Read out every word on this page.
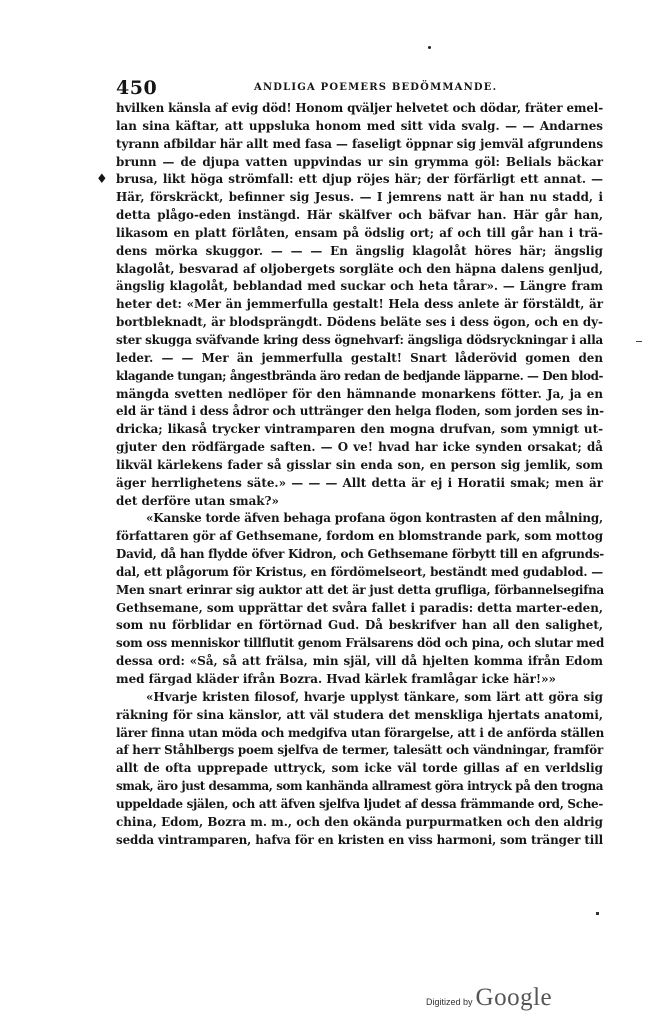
450	ANDLIGA POEMERS BEDÖMMANDE.
♦

hvilken känsla af evig död! Honom qväljer helvetet och dödar, fräter emel-
lan sina käftar, att uppsluka honom med sitt vida svalg. — — Andarnes
tyrann afbildar här allt med fasa — faseligt öppnar sig jemväl afgrundens
brunn — de djupa vatten uppvindas ur sin grymma göl: Belials bäckar
brusa, likt höga strömfall: ett djup röjes här; der förfärligt ett annat. —
Här, förskräckt, befinner sig Jesus. — I jemrens natt är han nu stadd, i
detta plågo-eden instängd. Här skälfver och bäfvar han. Här går han,
likasom en platt förlåten, ensam på ödslig ort; af och till går han i trä-
dens mörka skuggor. — — — En ängslig klagolåt höres här; ängslig
klagolåt, besvarad af oljobergets sorgläte och den häpna dalens genljud,
ängslig klagolåt, beblandad med suckar och heta tårar». — Längre fram
heter det: «Mer än jemmerfulla gestalt! Hela dess anlete är förstäldt, är
bortbleknadt, är blodsprängdt. Dödens beläte ses i dess ögon, och en dy-
ster skugga sväfvande kring dess ögnehvarf: ängsliga dödsryckningar i alla
leder. — — Mer än jemmerfulla gestalt! Snart låderövid gomen den
klagande tungan; ångestbrända äro redan de bedjande läpparne. — Den blod-
mängda svetten nedlöper för den hämnande monarkens fötter. Ja, ja en
eld är tänd i dess ådror och uttränger den helga floden, som jorden ses in-
dricka; likaså trycker vintramparen den mogna drufvan, som ymnigt ut-
gjuter den rödfärgade saften. — O ve! hvad har icke synden orsakat; då
likväl kärlekens fader så gisslar sin enda son, en person sig jemlik, som
äger herrlighetens säte.» — — — Allt detta är ej i Horatii smak; men är
det derföre utan smak?»

«Kanske torde äfven behaga profana ögon kontrasten af den målning,
författaren gör af Gethsemane, fordom en blomstrande park, som mottog
David, då han flydde öfver Kidron, och Gethsemane förbytt till en afgrunds-
dal, ett plågorum för Kristus, en fördömelseort, beständt med gudablod. —
Men snart erinrar sig auktor att det är just detta grufliga, förbannelsegifna
Gethsemane, som upprättar det svåra fallet i paradis: detta marter-eden,
som nu förblidar en förtörnad Gud. Då beskrifver han all den salighet,
som oss menniskor tillflutit genom Frälsarens död och pina, och slutar med
dessa ord: «Så, så att frälsa, min själ, vill då hjelten komma ifrån Edom
med färgad kläder ifrån Bozra. Hvad kärlek framlågar icke här!»»

«Hvarje kristen filosof, hvarje upplyst tänkare, som lärt att göra sig
räkning för sina känslor, att väl studera det menskliga hjertats anatomi,
lärer finna utan möda och medgifva utan förargelse, att i de anförda ställen
af herr Ståhlbergs poem sjelfva de termer, talesätt och vändningar, framför
allt de ofta upprepade uttryck, som icke väl torde gillas af en verldslig
smak, äro just desamma, som kanhända allramest göra intryck på den trogna
uppeldade själen, och att äfven sjelfva ljudet af dessa främmande ord, Sche-
china, Edom, Bozra m. m., och den okända purpurmatken och den aldrig
sedda vintramparen, hafva för en kristen en viss harmoni, som tränger till

Digitized by Google
